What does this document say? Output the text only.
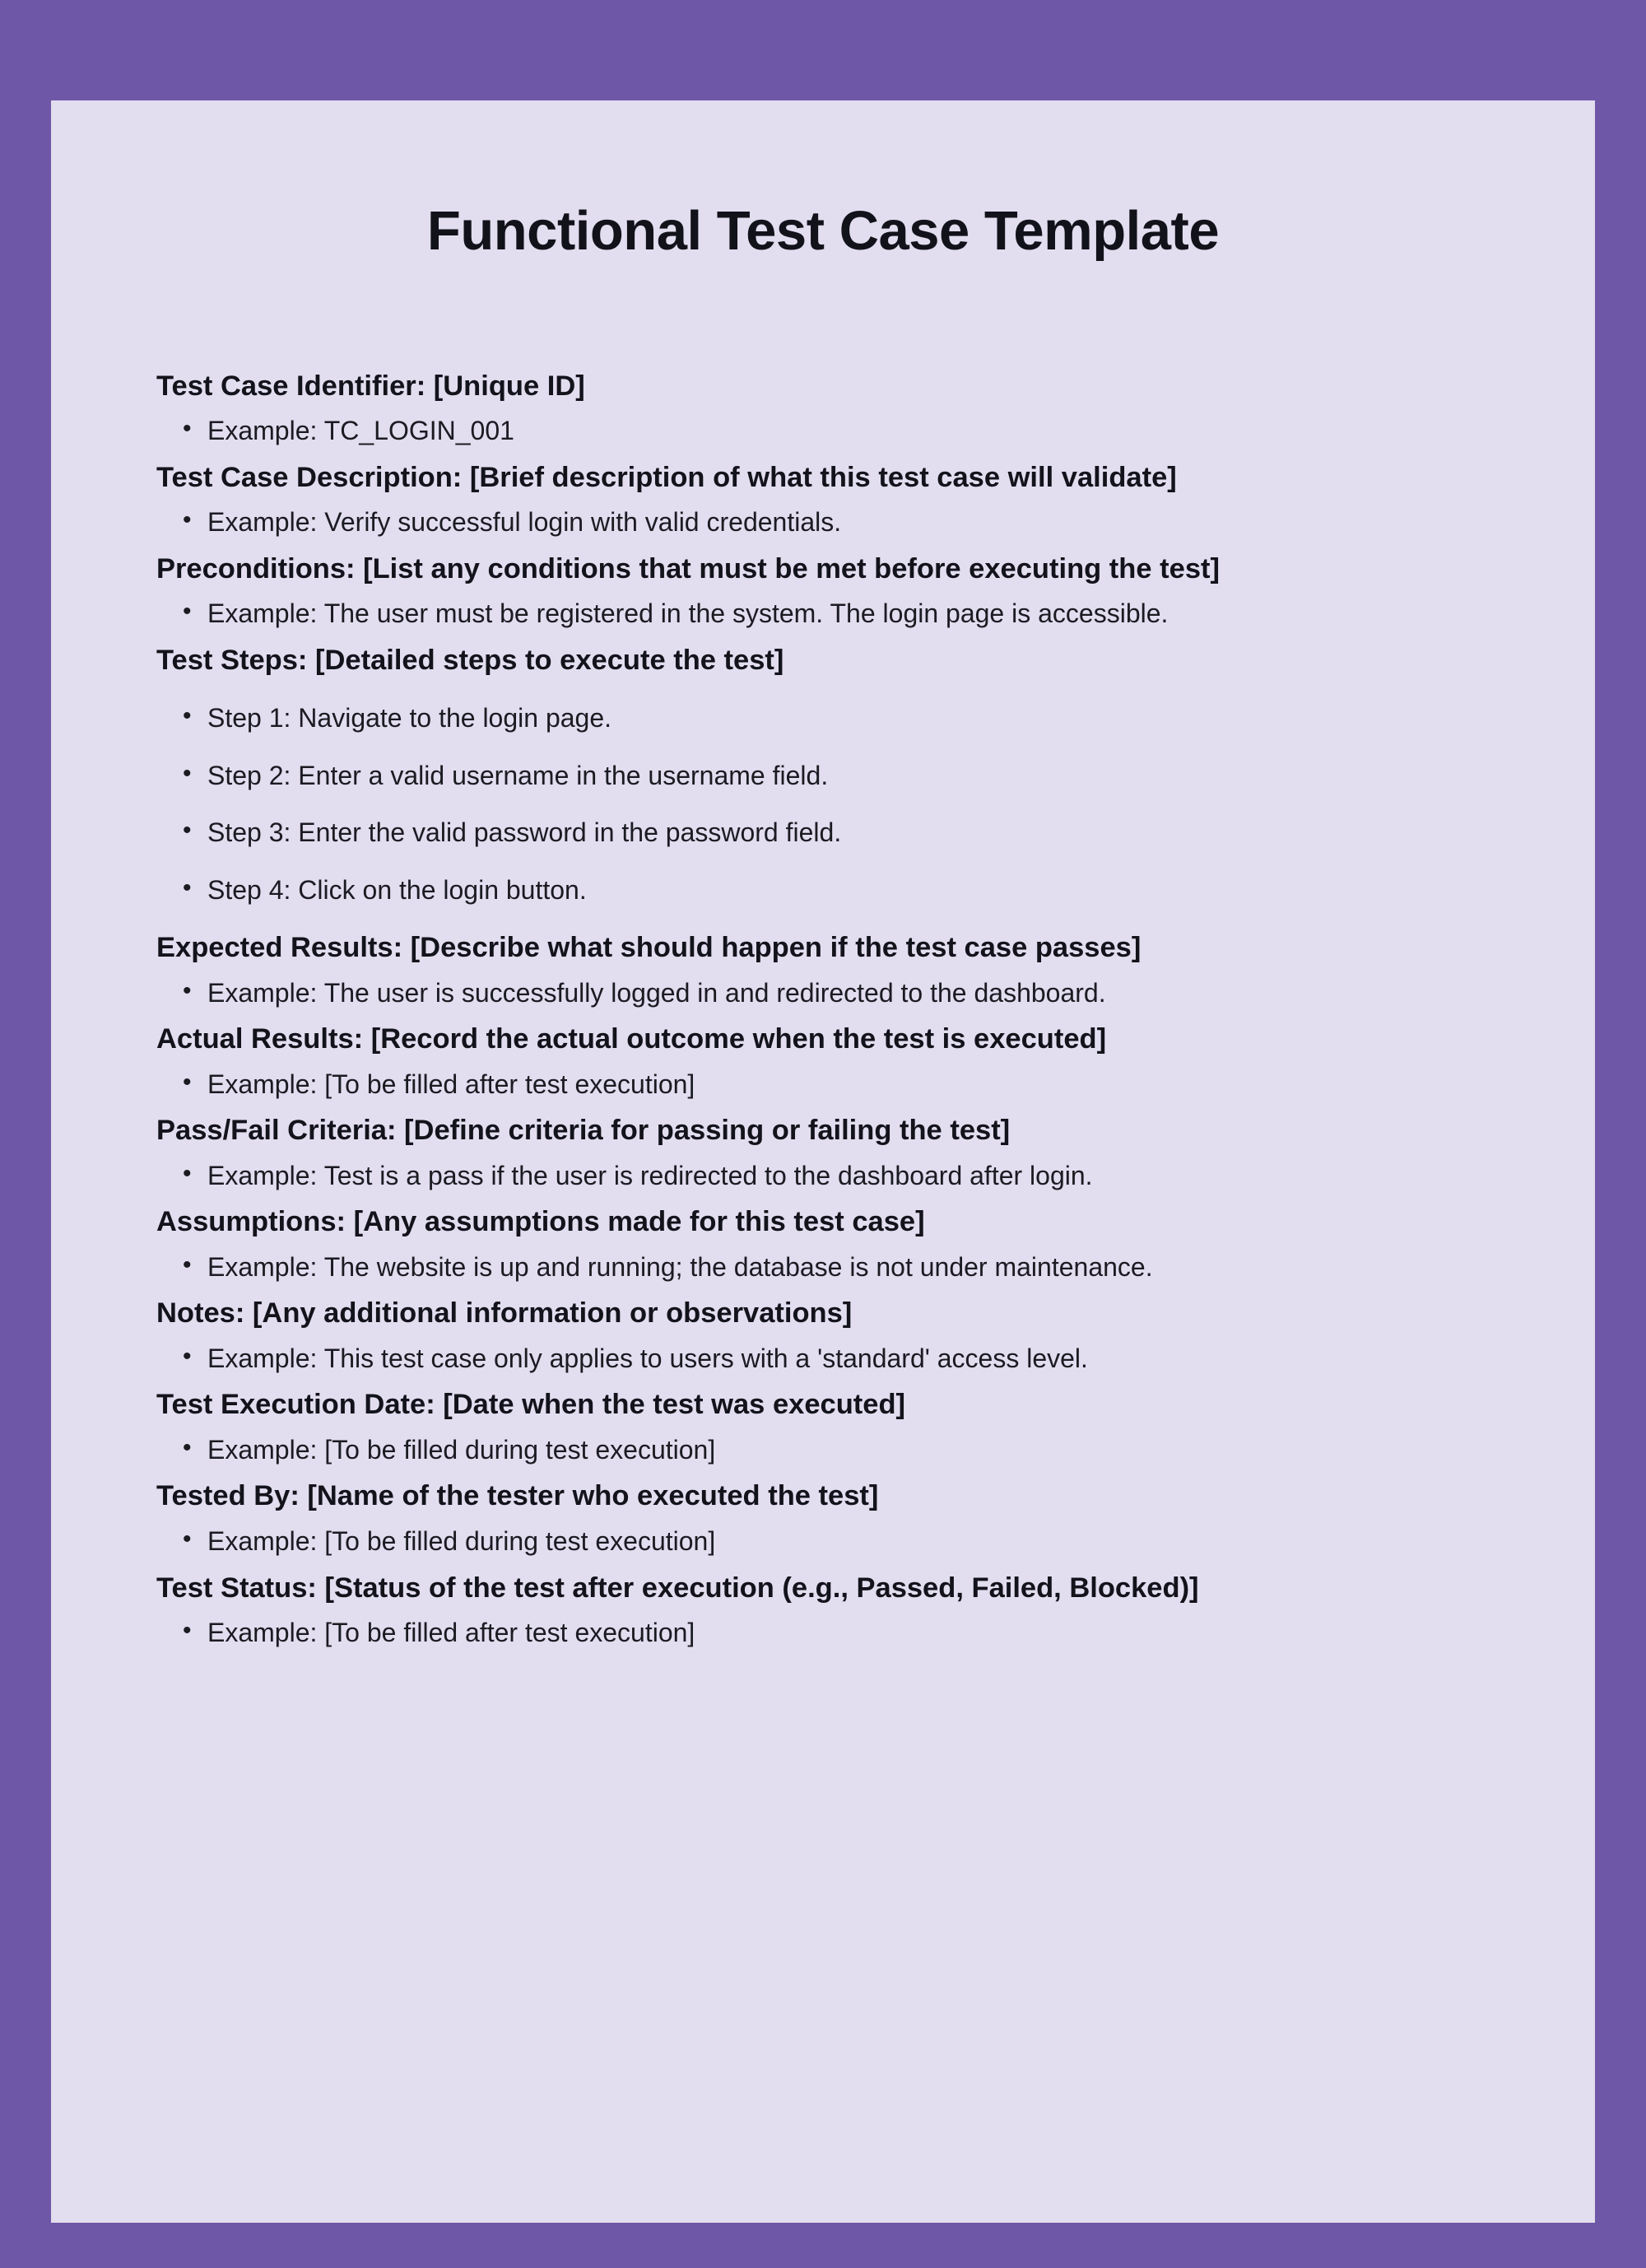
Functional Test Case Template
Test Case Identifier: [Unique ID]
• Example: TC_LOGIN_001
Test Case Description: [Brief description of what this test case will validate]
• Example: Verify successful login with valid credentials.
Preconditions: [List any conditions that must be met before executing the test]
• Example: The user must be registered in the system. The login page is accessible.
Test Steps: [Detailed steps to execute the test]
• Step 1: Navigate to the login page.
• Step 2: Enter a valid username in the username field.
• Step 3: Enter the valid password in the password field.
• Step 4: Click on the login button.
Expected Results: [Describe what should happen if the test case passes]
• Example: The user is successfully logged in and redirected to the dashboard.
Actual Results: [Record the actual outcome when the test is executed]
• Example: [To be filled after test execution]
Pass/Fail Criteria: [Define criteria for passing or failing the test]
• Example: Test is a pass if the user is redirected to the dashboard after login.
Assumptions: [Any assumptions made for this test case]
• Example: The website is up and running; the database is not under maintenance.
Notes: [Any additional information or observations]
• Example: This test case only applies to users with a 'standard' access level.
Test Execution Date: [Date when the test was executed]
• Example: [To be filled during test execution]
Tested By: [Name of the tester who executed the test]
• Example: [To be filled during test execution]
Test Status: [Status of the test after execution (e.g., Passed, Failed, Blocked)]
• Example: [To be filled after test execution]
